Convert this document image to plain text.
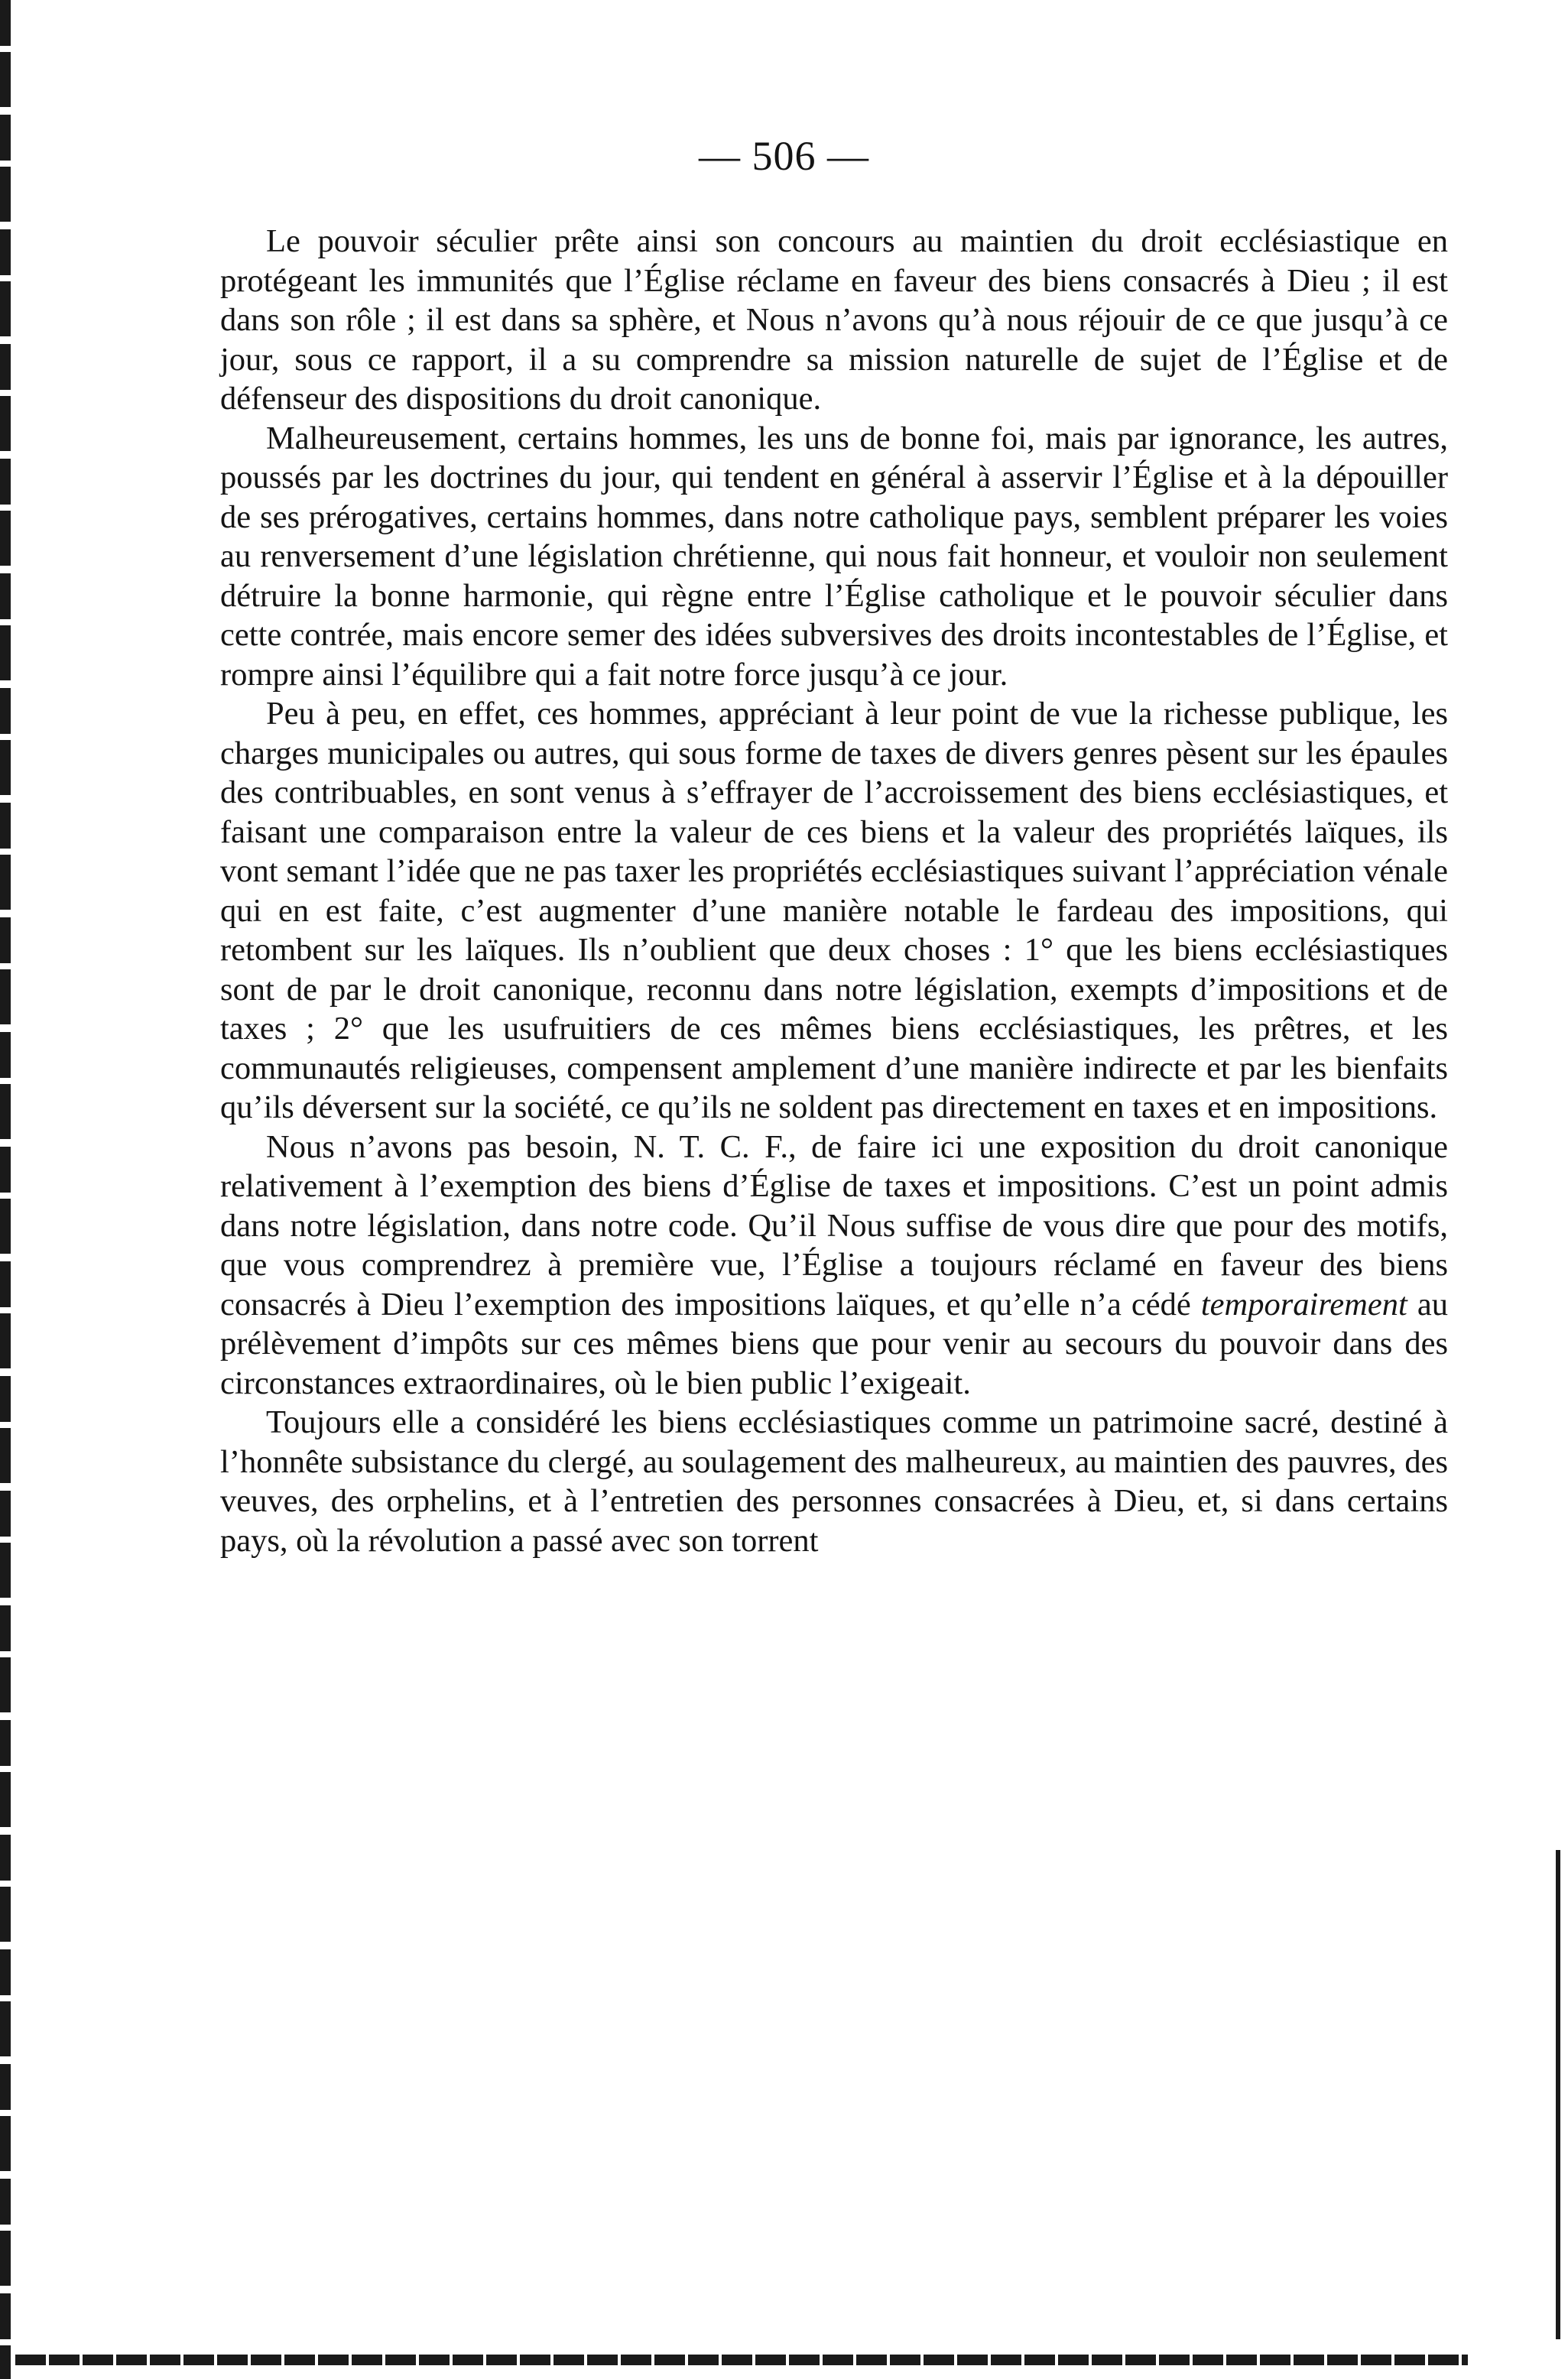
— 506 —

Le pouvoir séculier prête ainsi son concours au maintien du droit ecclésiastique en protégeant les immunités que l’Église réclame en faveur des biens consacrés à Dieu ; il est dans son rôle ; il est dans sa sphère, et Nous n’avons qu’à nous réjouir de ce que jusqu’à ce jour, sous ce rapport, il a su comprendre sa mission naturelle de sujet de l’Église et de défenseur des dispositions du droit canonique.

Malheureusement, certains hommes, les uns de bonne foi, mais par ignorance, les autres, poussés par les doctrines du jour, qui tendent en général à asservir l’Église et à la dépouiller de ses prérogatives, certains hommes, dans notre catholique pays, semblent préparer les voies au renversement d’une législation chrétienne, qui nous fait honneur, et vouloir non seulement détruire la bonne harmonie, qui règne entre l’Église catholique et le pouvoir séculier dans cette contrée, mais encore semer des idées subversives des droits incontestables de l’Église, et rompre ainsi l’équilibre qui a fait notre force jusqu’à ce jour.

Peu à peu, en effet, ces hommes, appréciant à leur point de vue la richesse publique, les charges municipales ou autres, qui sous forme de taxes de divers genres pèsent sur les épaules des contribuables, en sont venus à s’effrayer de l’accroissement des biens ecclésiastiques, et faisant une comparaison entre la valeur de ces biens et la valeur des propriétés laïques, ils vont semant l’idée que ne pas taxer les propriétés ecclésiastiques suivant l’appréciation vénale qui en est faite, c’est augmenter d’une manière notable le fardeau des impositions, qui retombent sur les laïques. Ils n’oublient que deux choses : 1° que les biens ecclésiastiques sont de par le droit canonique, reconnu dans notre législation, exempts d’impositions et de taxes ; 2° que les usufruitiers de ces mêmes biens ecclésiastiques, les prêtres, et les communautés religieuses, compensent amplement d’une manière indirecte et par les bienfaits qu’ils déversent sur la société, ce qu’ils ne soldent pas directement en taxes et en impositions.

Nous n’avons pas besoin, N. T. C. F., de faire ici une exposition du droit canonique relativement à l’exemption des biens d’Église de taxes et impositions. C’est un point admis dans notre législation, dans notre code. Qu’il Nous suffise de vous dire que pour des motifs, que vous comprendrez à première vue, l’Église a toujours réclamé en faveur des biens consacrés à Dieu l’exemption des impositions laïques, et qu’elle n’a cédé temporairement au prélèvement d’impôts sur ces mêmes biens que pour venir au secours du pouvoir dans des circonstances extraordinaires, où le bien public l’exigeait.

Toujours elle a considéré les biens ecclésiastiques comme un patrimoine sacré, destiné à l’honnête subsistance du clergé, au soulagement des malheureux, au maintien des pauvres, des veuves, des orphelins, et à l’entretien des personnes consacrées à Dieu, et, si dans certains pays, où la révolution a passé avec son torrent
